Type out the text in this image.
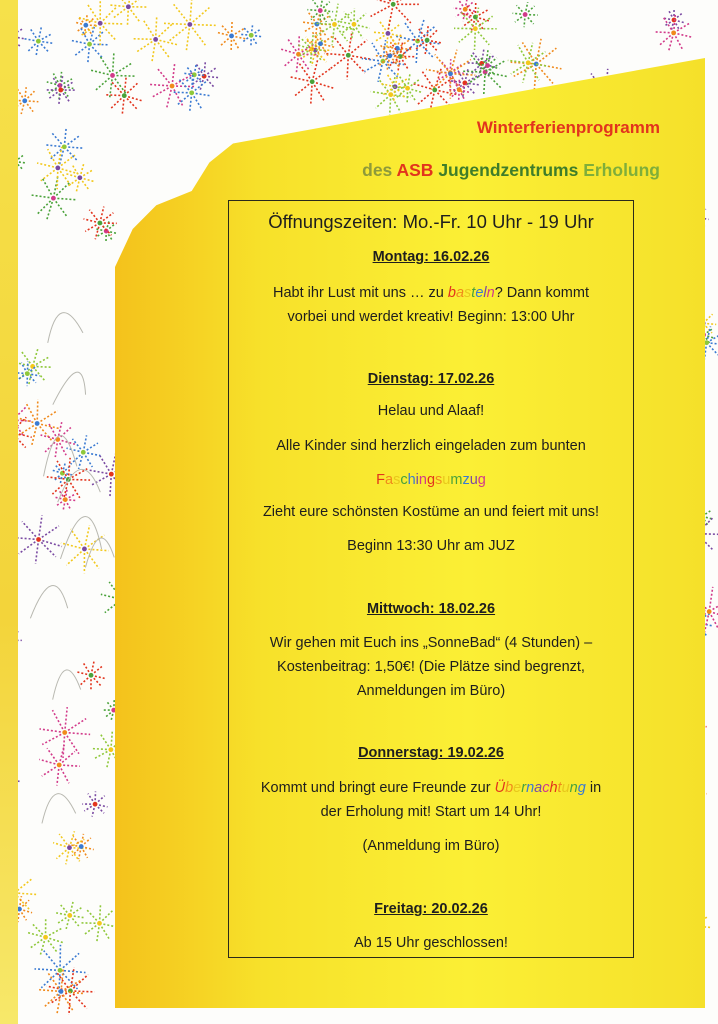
Winterferienprogramm
des ASB Jugendzentrums Erholung
Öffnungszeiten: Mo.-Fr. 10 Uhr - 19 Uhr
Montag: 16.02.26
Habt ihr Lust mit uns … zu basteln? Dann kommt
vorbei und werdet kreativ! Beginn: 13:00 Uhr
Dienstag: 17.02.26
Helau und Alaaf!
Alle Kinder sind herzlich eingeladen zum bunten
Faschingsumzug
Zieht eure schönsten Kostüme an und feiert mit uns!
Beginn 13:30 Uhr am JUZ
Mittwoch: 18.02.26
Wir gehen mit Euch ins „SonneBad“ (4 Stunden) –
Kostenbeitrag: 1,50€! (Die Plätze sind begrenzt,
Anmeldungen im Büro)
Donnerstag: 19.02.26
Kommt und bringt eure Freunde zur Übernachtung in
der Erholung mit! Start um 14 Uhr!
(Anmeldung im Büro)
Freitag: 20.02.26
Ab 15 Uhr geschlossen!
